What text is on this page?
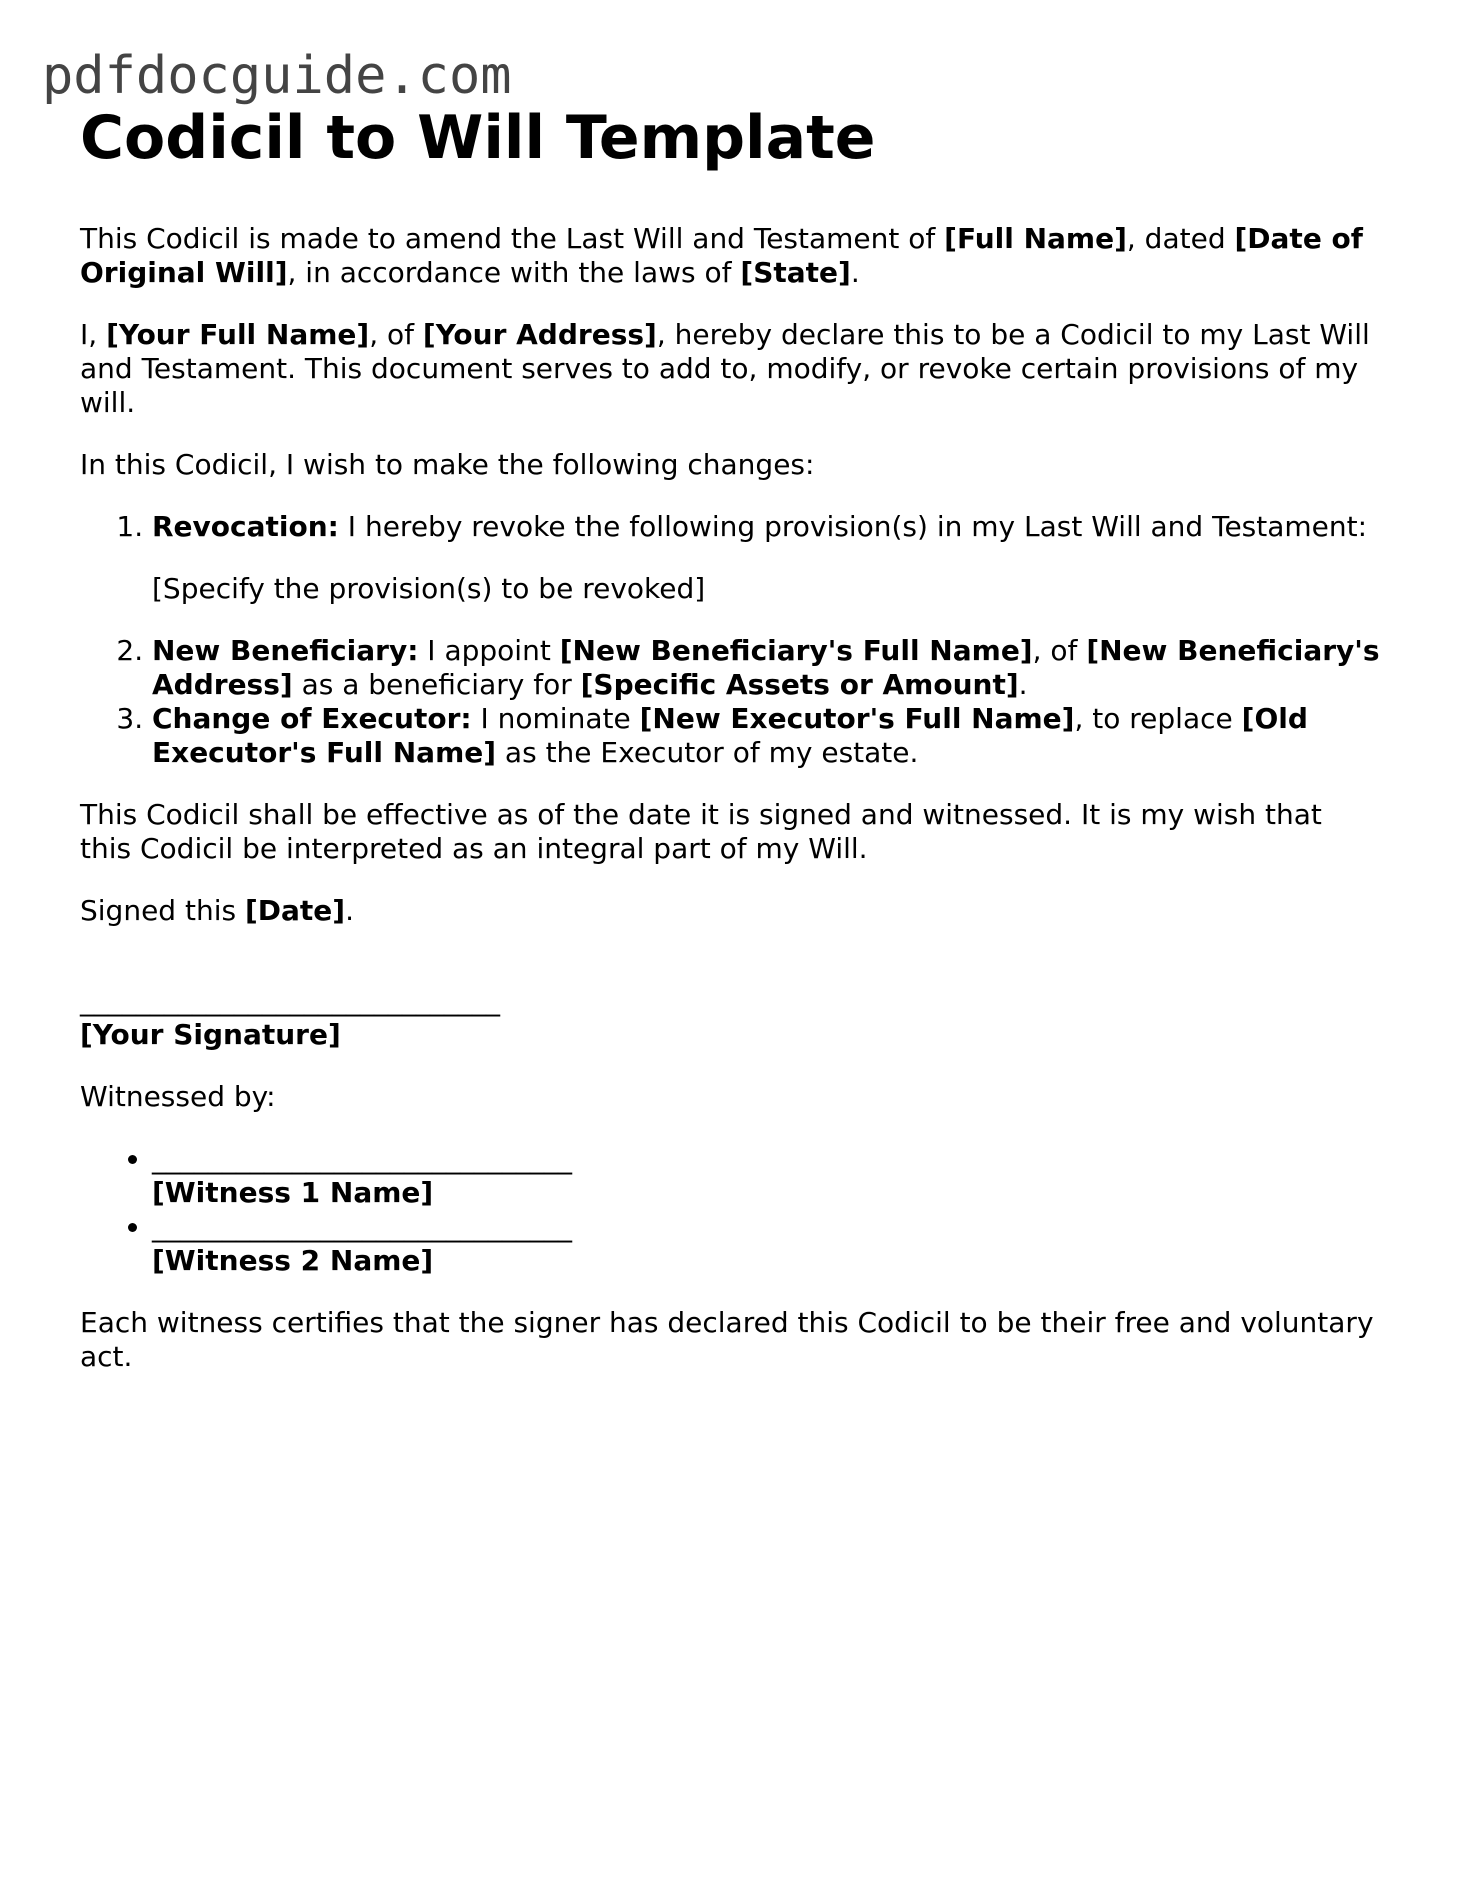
pdfdocguide.com
Codicil to Will Template

This Codicil is made to amend the Last Will and Testament of [Full Name], dated [Date of Original Will], in accordance with the laws of [State].

I, [Your Full Name], of [Your Address], hereby declare this to be a Codicil to my Last Will and Testament. This document serves to add to, modify, or revoke certain provisions of my will.

In this Codicil, I wish to make the following changes:

1. Revocation: I hereby revoke the following provision(s) in my Last Will and Testament:

[Specify the provision(s) to be revoked]

2. New Beneficiary: I appoint [New Beneficiary's Full Name], of [New Beneficiary's Address] as a beneficiary for [Specific Assets or Amount].
3. Change of Executor: I nominate [New Executor's Full Name], to replace [Old Executor's Full Name] as the Executor of my estate.

This Codicil shall be effective as of the date it is signed and witnessed. It is my wish that this Codicil be interpreted as an integral part of my Will.

Signed this [Date].

______________________________
[Your Signature]

Witnessed by:

• ______________________________
[Witness 1 Name]
• ______________________________
[Witness 2 Name]

Each witness certifies that the signer has declared this Codicil to be their free and voluntary act.
